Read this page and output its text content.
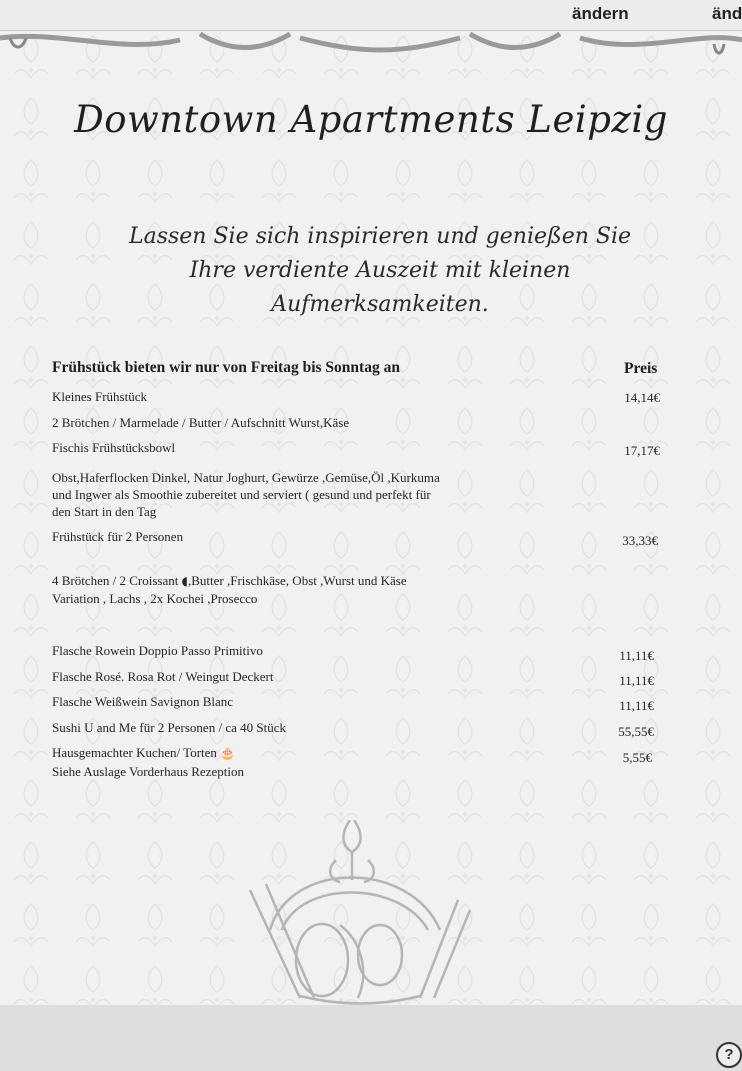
ändern	änd
Downtown Apartments Leipzig
Lassen Sie sich inspirieren und genießen Sie
Ihre verdiente Auszeit mit kleinen
Aufmerksamkeiten.
Frühstück bieten wir nur von Freitag bis Sonntag an	Preis
Kleines Frühstück	14,14€
2 Brötchen / Marmelade / Butter / Aufschnitt Wurst,Käse
Fischis Frühstücksbowl	17,17€
Obst,Haferflocken Dinkel, Natur Joghurt, Gewürze ,Gemüse,Öl ,Kurkuma
und Ingwer als Smoothie zubereitet und serviert ( gesund und perfekt für
den Start in den Tag
Frühstück für 2 Personen	33,33€
4 Brötchen / 2 Croissant ◖,Butter ,Frischkäse, Obst ,Wurst und Käse
Variation , Lachs , 2x Kochei ,Prosecco
Flasche Rowein Doppio Passo Primitivo	11,11€
Flasche Rosé. Rosa Rot / Weingut Deckert	11,11€
Flasche Weißwein Savignon Blanc	11,11€
Sushi U and Me für 2 Personen / ca 40 Stück	55,55€
Hausgemachter Kuchen/ Torten 🎂	5,55€
Siehe Auslage Vorderhaus Rezeption
?
